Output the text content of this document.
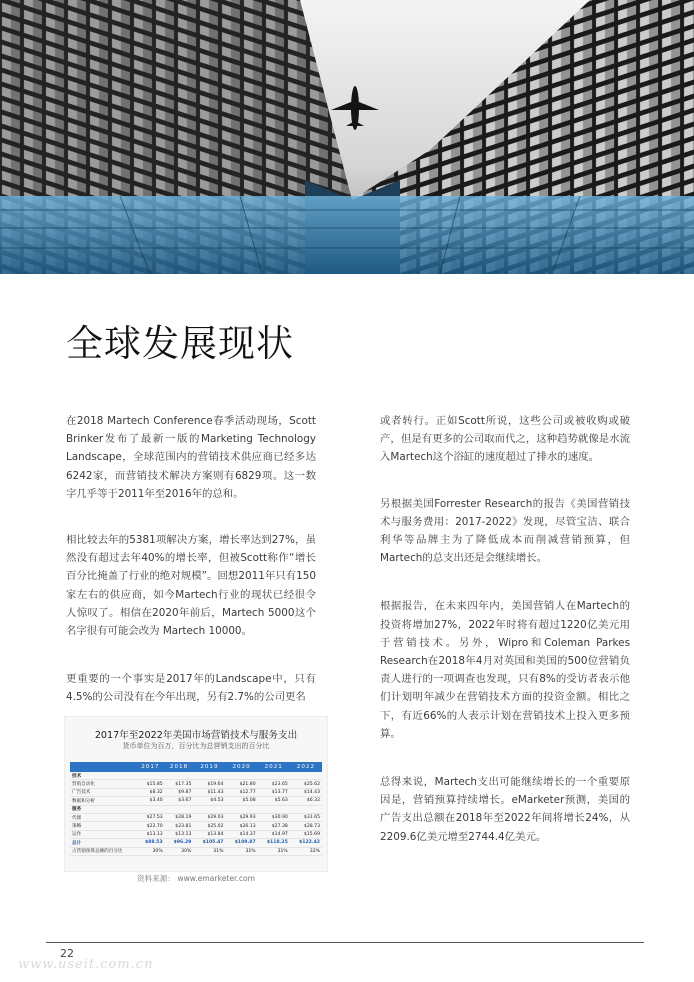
全球发展现状

在2018 Martech Conference春季活动现场，Scott Brinker发布了最新一版的Marketing Technology Landscape，全球范围内的营销技术供应商已经多达6242家，而营销技术解决方案则有6829项。这一数字几乎等于2011年至2016年的总和。

相比较去年的5381项解决方案，增长率达到27%，虽然没有超过去年40%的增长率，但被Scott称作“增长百分比掩盖了行业的绝对规模”。回想2011年只有150家左右的供应商，如今Martech行业的现状已经很令人惊叹了。相信在2020年前后，Martech 5000这个名字很有可能会改为 Martech 10000。

更重要的一个事实是2017年的Landscape中，只有4.5%的公司没有在今年出现，另有2.7%的公司更名

或者转行。正如Scott所说，这些公司或被收购或破产，但是有更多的公司取而代之，这种趋势就像是水流入Martech这个浴缸的速度超过了排水的速度。

另根据美国Forrester Research的报告《美国营销技术与服务费用：2017-2022》发现，尽管宝洁、联合利华等品牌主为了降低成本而削减营销预算，但Martech的总支出还是会继续增长。

根据报告，在未来四年内，美国营销人在Martech的投资将增加27%，2022年时将有超过1220亿美元用于营销技术。另外，Wipro和Coleman Parkes Research在2018年4月对英国和美国的500位营销负责人进行的一项调查也发现，只有8%的受访者表示他们计划明年减少在营销技术方面的投资金额。相比之下，有近66%的人表示计划在营销技术上投入更多预算。

总得来说，Martech支出可能继续增长的一个重要原因是，营销预算持续增长。eMarketer预测，美国的广告支出总额在2018年至2022年间将增长24%，从2209.6亿美元增至2744.4亿美元。

2017年至2022年美国市场营销技术与服务支出
货币单位为百万，百分比为总营销支出的百分比
	2017	2018	2019	2020	2021	2022
技术						
营销自动化	$15.85	$17.35	$19.64	$21.80	$23.65	$25.62
广告技术	$8.32	$9.87	$11.43	$12.77	$13.77	$14.43
数据和分析	$3.40	$3.67	$4.53	$5.08	$5.63	$6.32
服务						
代理	$27.53	$28.19	$29.03	$29.93	$30.90	$31.65
策略	$22.70	$23.81	$25.02	$26.13	$27.38	$28.73
运作	$13.13	$13.13	$13.84	$14.37	$14.97	$15.69
总计	$88.53	$96.29	$105.47	$109.87	$118.25	$122.42
占营销预算总额的百分比	30%	30%	31%	31%	31%	32%
资料来源： www.emarketer.com
22
www.useit.com.cn
